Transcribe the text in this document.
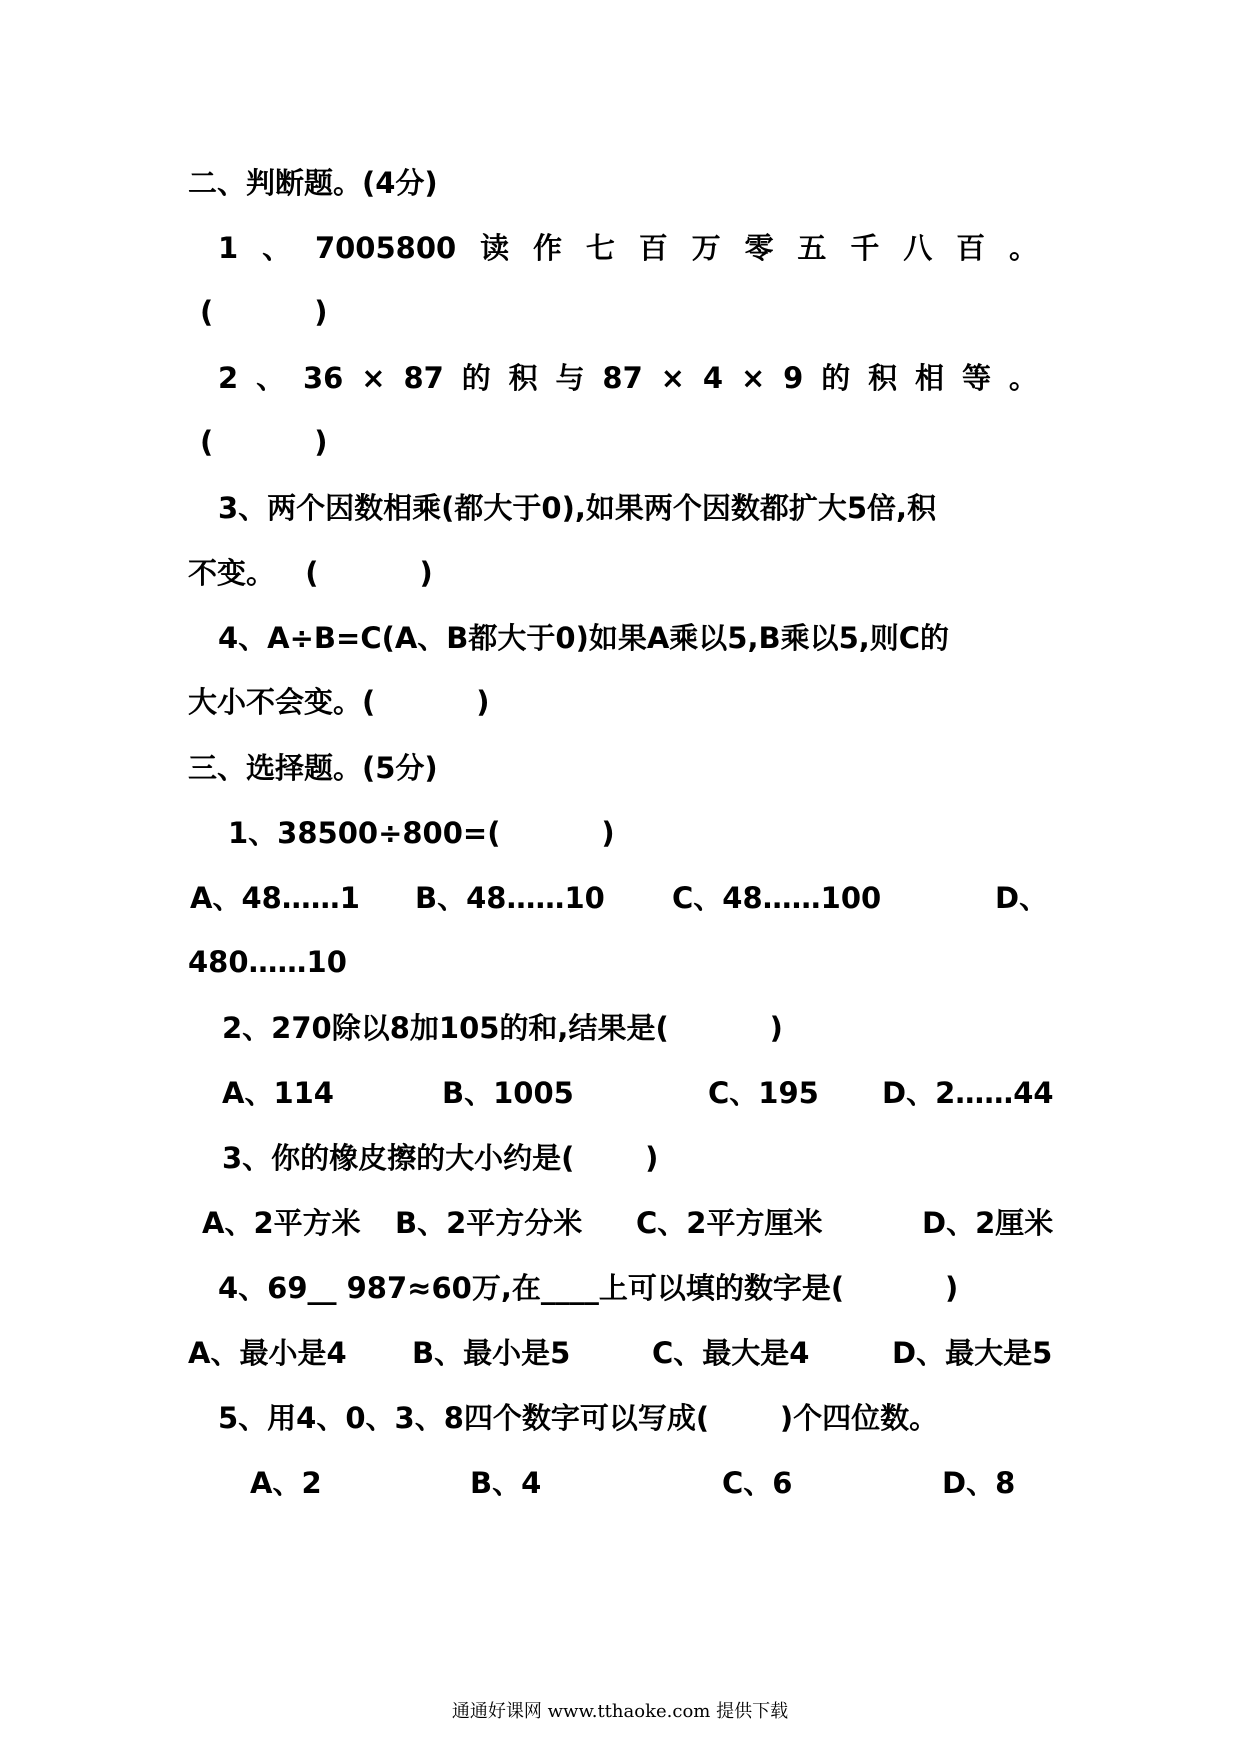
二、判断题。(4分)
1 、 7005800 读 作 七 百 万 零 五 千 八 百 。
(          )
2 、 36 × 87 的 积 与 87 × 4 × 9 的 积 相 等 。
(          )
3、两个因数相乘(都大于0),如果两个因数都扩大5倍,积
不变。   (          )
4、A÷B=C(A、B都大于0)如果A乘以5,B乘以5,则C的
大小不会变。(          )
三、选择题。(5分)
1、38500÷800=(          )

A、48……1

B、48……10

C、48……100

	D、

480……10
2、270除以8加105的和,结果是(          )

A、114

	B、1005

	C、195

D、2……44

3、你的橡皮擦的大小约是(       )

A、2平方米

B、2平方分米

C、2平方厘米

	D、2厘米

4、69__ 987≈60万,在____上可以填的数字是(          )

A、最小是4

B、最小是5

	C、最大是4

	D、最大是5

5、用4、0、3、8四个数字可以写成(       )个四位数。

A、2

	B、4

	C、6

	D、8

通通好课网 www.tthaoke.com 提供下载
